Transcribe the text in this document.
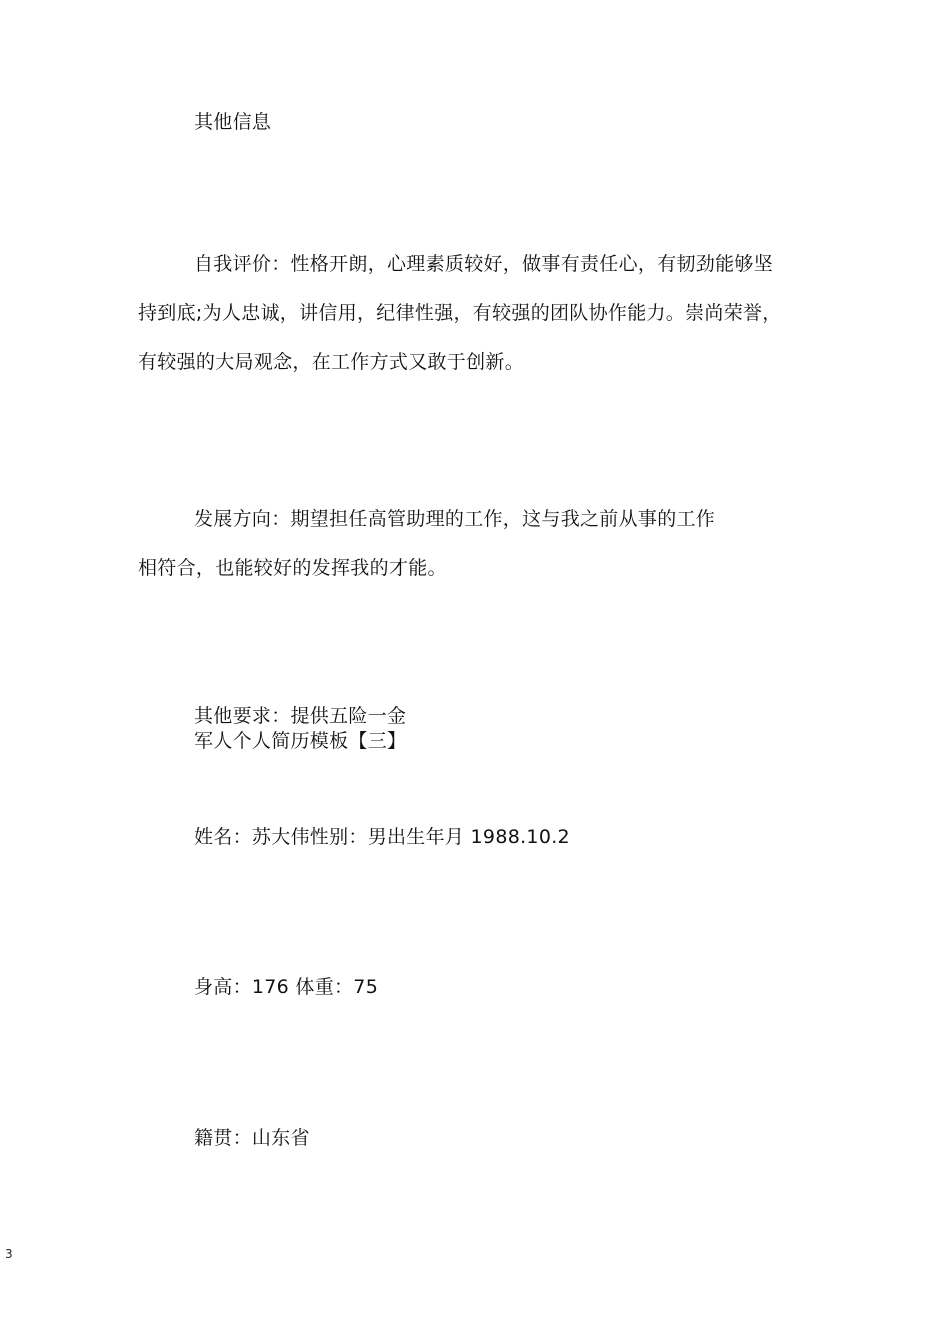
其他信息
自我评价：性格开朗，心理素质较好，做事有责任心，有韧劲能够坚
持到底;为人忠诚，讲信用，纪律性强，有较强的团队协作能力。崇尚荣誉，
有较强的大局观念，在工作方式又敢于创新。
发展方向：期望担任高管助理的工作，这与我之前从事的工作
相符合，也能较好的发挥我的才能。
其他要求：提供五险一金
军人个人简历模板【三】
姓名：苏大伟性别：男出生年月 1988.10.2
身高：176 体重：75
籍贯：山东省
3
